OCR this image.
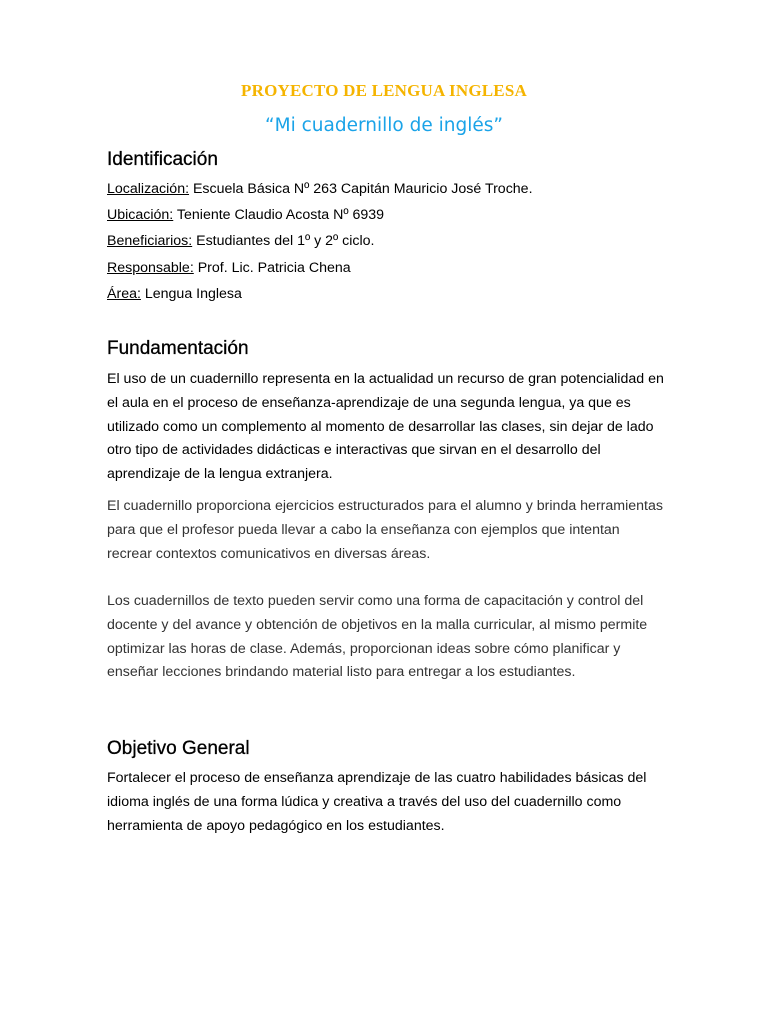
PROYECTO DE LENGUA INGLESA
“Mi cuadernillo de inglés”
Identificación
Localización: Escuela Básica Nº 263 Capitán Mauricio José Troche.
Ubicación: Teniente Claudio Acosta Nº 6939
Beneficiarios: Estudiantes del 1º y 2º ciclo.
Responsable: Prof. Lic. Patricia Chena
Área: Lengua Inglesa
Fundamentación

El uso de un cuadernillo representa en la actualidad un recurso de gran potencialidad en el aula en el proceso de enseñanza-aprendizaje de una segunda lengua, ya que es utilizado como un complemento al momento de desarrollar las clases, sin dejar de lado otro tipo de actividades didácticas e interactivas que sirvan en el desarrollo del aprendizaje de la lengua extranjera.

El cuadernillo proporciona ejercicios estructurados para el alumno y brinda herramientas para que el profesor pueda llevar a cabo la enseñanza con ejemplos que intentan recrear contextos comunicativos en diversas áreas.

Los cuadernillos de texto pueden servir como una forma de capacitación y control del docente y del avance y obtención de objetivos en la malla curricular, al mismo permite optimizar las horas de clase. Además, proporcionan ideas sobre cómo planificar y enseñar lecciones brindando material listo para entregar a los estudiantes.

Objetivo General

Fortalecer el proceso de enseñanza aprendizaje de las cuatro habilidades básicas del idioma inglés de una forma lúdica y creativa a través del uso del cuadernillo como herramienta de apoyo pedagógico en los estudiantes.
